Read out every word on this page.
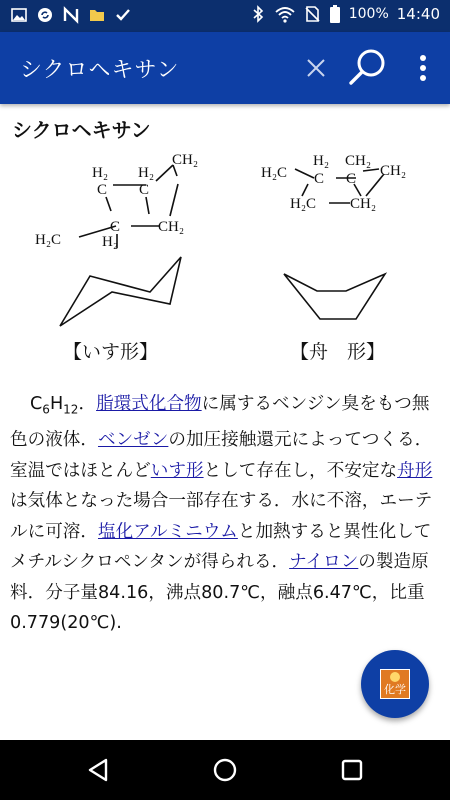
100% 14:40
シクロヘキサン
シクロヘキサン
H₂ H₂
CH₂
C C
C	CH₂
H₂C	H₂
H₂
H₂C C C
CH₂
H₂C CH₂
CH₂
【いす形】	【舟　形】

$C_6H_{12}$．脂環式化合物に属するベンジン臭をもつ無色の液体．ベンゼンの加圧接触還元によってつくる．室温ではほとんどいす形として存在し，不安定な舟形は気体となった場合一部存在する．水に不溶，エーテルに可溶．塩化アルミニウムと加熱すると異性化してメチルシクロペンタンが得られる．ナイロンの製造原料．分子量84.16，沸点80.7℃，融点6.47℃，比重0.779(20℃).

化学
